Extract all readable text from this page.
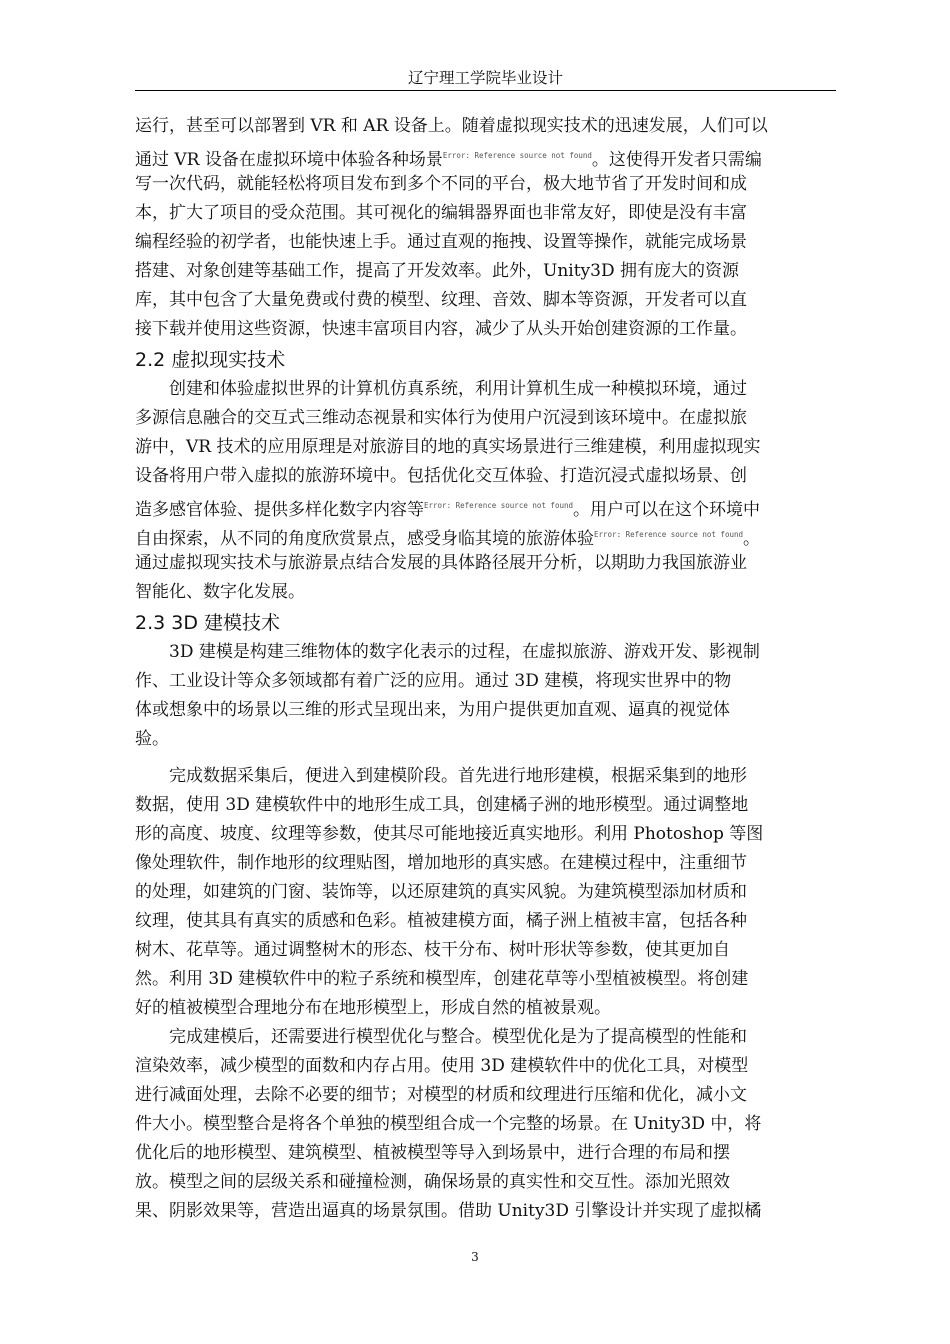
辽宁理工学院毕业设计
运行，甚至可以部署到 VR 和 AR 设备上。随着虚拟现实技术的迅速发展，人们可以
通过 VR 设备在虚拟环境中体验各种场景$^{Error: Reference source not found}$。这使得开发者只需编
写一次代码，就能轻松将项目发布到多个不同的平台，极大地节省了开发时间和成
本，扩大了项目的受众范围。其可视化的编辑器界面也非常友好，即使是没有丰富
编程经验的初学者，也能快速上手。通过直观的拖拽、设置等操作，就能完成场景
搭建、对象创建等基础工作，提高了开发效率。此外，Unity3D 拥有庞大的资源
库，其中包含了大量免费或付费的模型、纹理、音效、脚本等资源，开发者可以直
接下载并使用这些资源，快速丰富项目内容，减少了从头开始创建资源的工作量。
2.2 虚拟现实技术
创建和体验虚拟世界的计算机仿真系统，利用计算机生成一种模拟环境，通过
多源信息融合的交互式三维动态视景和实体行为使用户沉浸到该环境中。在虚拟旅
游中，VR 技术的应用原理是对旅游目的地的真实场景进行三维建模，利用虚拟现实
设备将用户带入虚拟的旅游环境中。包括优化交互体验、打造沉浸式虚拟场景、创
造多感官体验、提供多样化数字内容等$^{Error: Reference source not found}$。用户可以在这个环境中
自由探索，从不同的角度欣赏景点，感受身临其境的旅游体验$^{Error: Reference source not found}$。
通过虚拟现实技术与旅游景点结合发展的具体路径展开分析，以期助力我国旅游业
智能化、数字化发展。
2.3 3D 建模技术
3D 建模是构建三维物体的数字化表示的过程，在虚拟旅游、游戏开发、影视制
作、工业设计等众多领域都有着广泛的应用。通过 3D 建模，将现实世界中的物
体或想象中的场景以三维的形式呈现出来，为用户提供更加直观、逼真的视觉体
验。
完成数据采集后，便进入到建模阶段。首先进行地形建模，根据采集到的地形
数据，使用 3D 建模软件中的地形生成工具，创建橘子洲的地形模型。通过调整地
形的高度、坡度、纹理等参数，使其尽可能地接近真实地形。利用 Photoshop 等图
像处理软件，制作地形的纹理贴图，增加地形的真实感。在建模过程中，注重细节
的处理，如建筑的门窗、装饰等，以还原建筑的真实风貌。为建筑模型添加材质和
纹理，使其具有真实的质感和色彩。植被建模方面，橘子洲上植被丰富，包括各种
树木、花草等。通过调整树木的形态、枝干分布、树叶形状等参数，使其更加自
然。利用 3D 建模软件中的粒子系统和模型库，创建花草等小型植被模型。将创建
好的植被模型合理地分布在地形模型上，形成自然的植被景观。
完成建模后，还需要进行模型优化与整合。模型优化是为了提高模型的性能和
渲染效率，减少模型的面数和内存占用。使用 3D 建模软件中的优化工具，对模型
进行减面处理，去除不必要的细节；对模型的材质和纹理进行压缩和优化，减小文
件大小。模型整合是将各个单独的模型组合成一个完整的场景。在 Unity3D 中，将
优化后的地形模型、建筑模型、植被模型等导入到场景中，进行合理的布局和摆
放。模型之间的层级关系和碰撞检测，确保场景的真实性和交互性。添加光照效
果、阴影效果等，营造出逼真的场景氛围。借助 Unity3D 引擎设计并实现了虚拟橘
3
